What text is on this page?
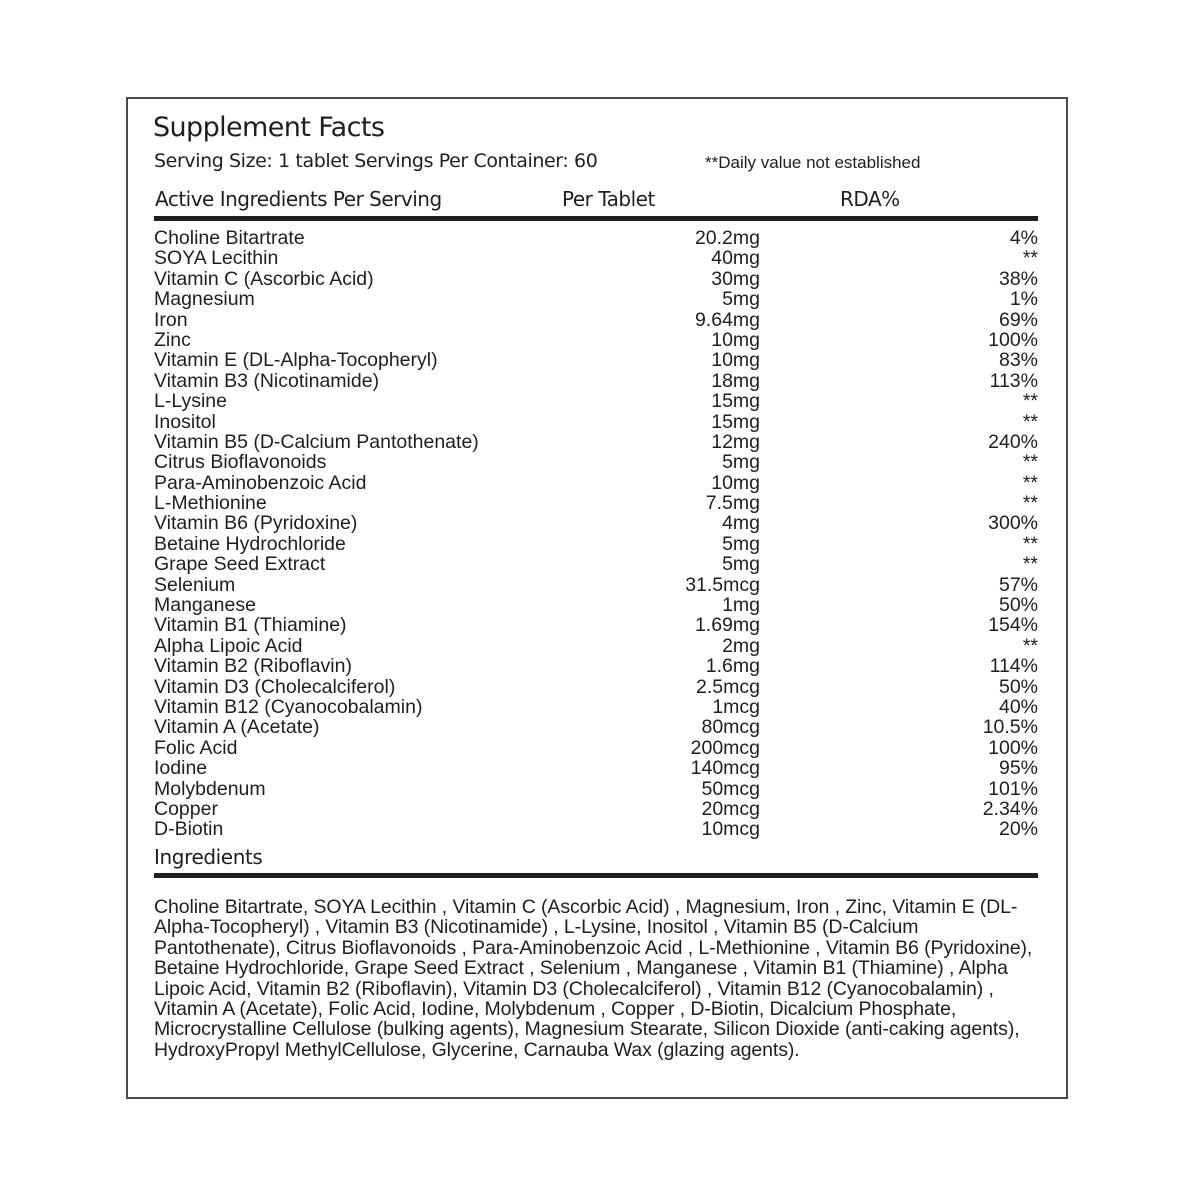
Supplement Facts
Serving Size: 1 tablet Servings Per Container: 60	**Daily value not established
Active Ingredients Per Serving	Per Tablet	RDA%
Choline Bitartrate	20.2mg	4%
SOYA Lecithin	40mg	**
Vitamin C (Ascorbic Acid)	30mg	38%
Magnesium	5mg	1%
Iron	9.64mg	69%
Zinc	10mg	100%
Vitamin E (DL-Alpha-Tocopheryl)	10mg	83%
Vitamin B3 (Nicotinamide)	18mg	113%
L-Lysine	15mg	**
Inositol	15mg	**
Vitamin B5 (D-Calcium Pantothenate)	12mg	240%
Citrus Bioflavonoids	5mg	**
Para-Aminobenzoic Acid	10mg	**
L-Methionine	7.5mg	**
Vitamin B6 (Pyridoxine)	4mg	300%
Betaine Hydrochloride	5mg	**
Grape Seed Extract	5mg	**
Selenium	31.5mcg	57%
Manganese	1mg	50%
Vitamin B1 (Thiamine)	1.69mg	154%
Alpha Lipoic Acid	2mg	**
Vitamin B2 (Riboflavin)	1.6mg	114%
Vitamin D3 (Cholecalciferol)	2.5mcg	50%
Vitamin B12 (Cyanocobalamin)	1mcg	40%
Vitamin A (Acetate)	80mcg	10.5%
Folic Acid	200mcg	100%
Iodine	140mcg	95%
Molybdenum	50mcg	101%
Copper	20mcg	2.34%
D-Biotin	10mcg	20%
Ingredients
Choline Bitartrate, SOYA Lecithin , Vitamin C (Ascorbic Acid) , Magnesium, Iron , Zinc, Vitamin E (DL-Alpha-Tocopheryl) , Vitamin B3 (Nicotinamide) , L-Lysine, Inositol , Vitamin B5 (D-Calcium Pantothenate), Citrus Bioflavonoids , Para-Aminobenzoic Acid , L-Methionine , Vitamin B6 (Pyridoxine), Betaine Hydrochloride, Grape Seed Extract , Selenium , Manganese , Vitamin B1 (Thiamine) , Alpha Lipoic Acid, Vitamin B2 (Riboflavin), Vitamin D3 (Cholecalciferol) , Vitamin B12 (Cyanocobalamin) , Vitamin A (Acetate), Folic Acid, Iodine, Molybdenum , Copper , D-Biotin, Dicalcium Phosphate, Microcrystalline Cellulose (bulking agents), Magnesium Stearate, Silicon Dioxide (anti-caking agents), HydroxyPropyl MethylCellulose, Glycerine, Carnauba Wax (glazing agents).
